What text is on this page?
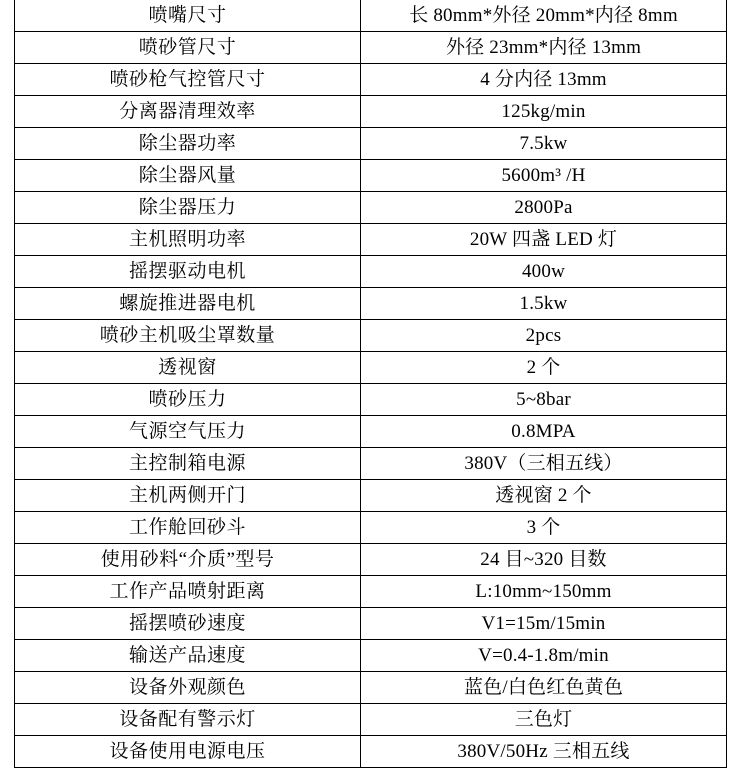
喷嘴尺寸	长 80mm*外径 20mm*内径 8mm
喷砂管尺寸	外径 23mm*内径 13mm
喷砂枪气控管尺寸	4 分内径 13mm
分离器清理效率	125kg/min
除尘器功率	7.5kw
除尘器风量	5600m³ /H
除尘器压力	2800Pa
主机照明功率	20W 四盏 LED 灯
摇摆驱动电机	400w
螺旋推进器电机	1.5kw
喷砂主机吸尘罩数量	2pcs
透视窗	2 个
喷砂压力	5~8bar
气源空气压力	0.8MPA
主控制箱电源	380V（三相五线）
主机两侧开门	透视窗 2 个
工作舱回砂斗	3 个
使用砂料“介质”型号	24 目~320 目数
工作产品喷射距离	L:10mm~150mm
摇摆喷砂速度	V1=15m/15min
输送产品速度	V=0.4-1.8m/min
设备外观颜色	蓝色/白色红色黄色
设备配有警示灯	三色灯
设备使用电源电压	380V/50Hz 三相五线
